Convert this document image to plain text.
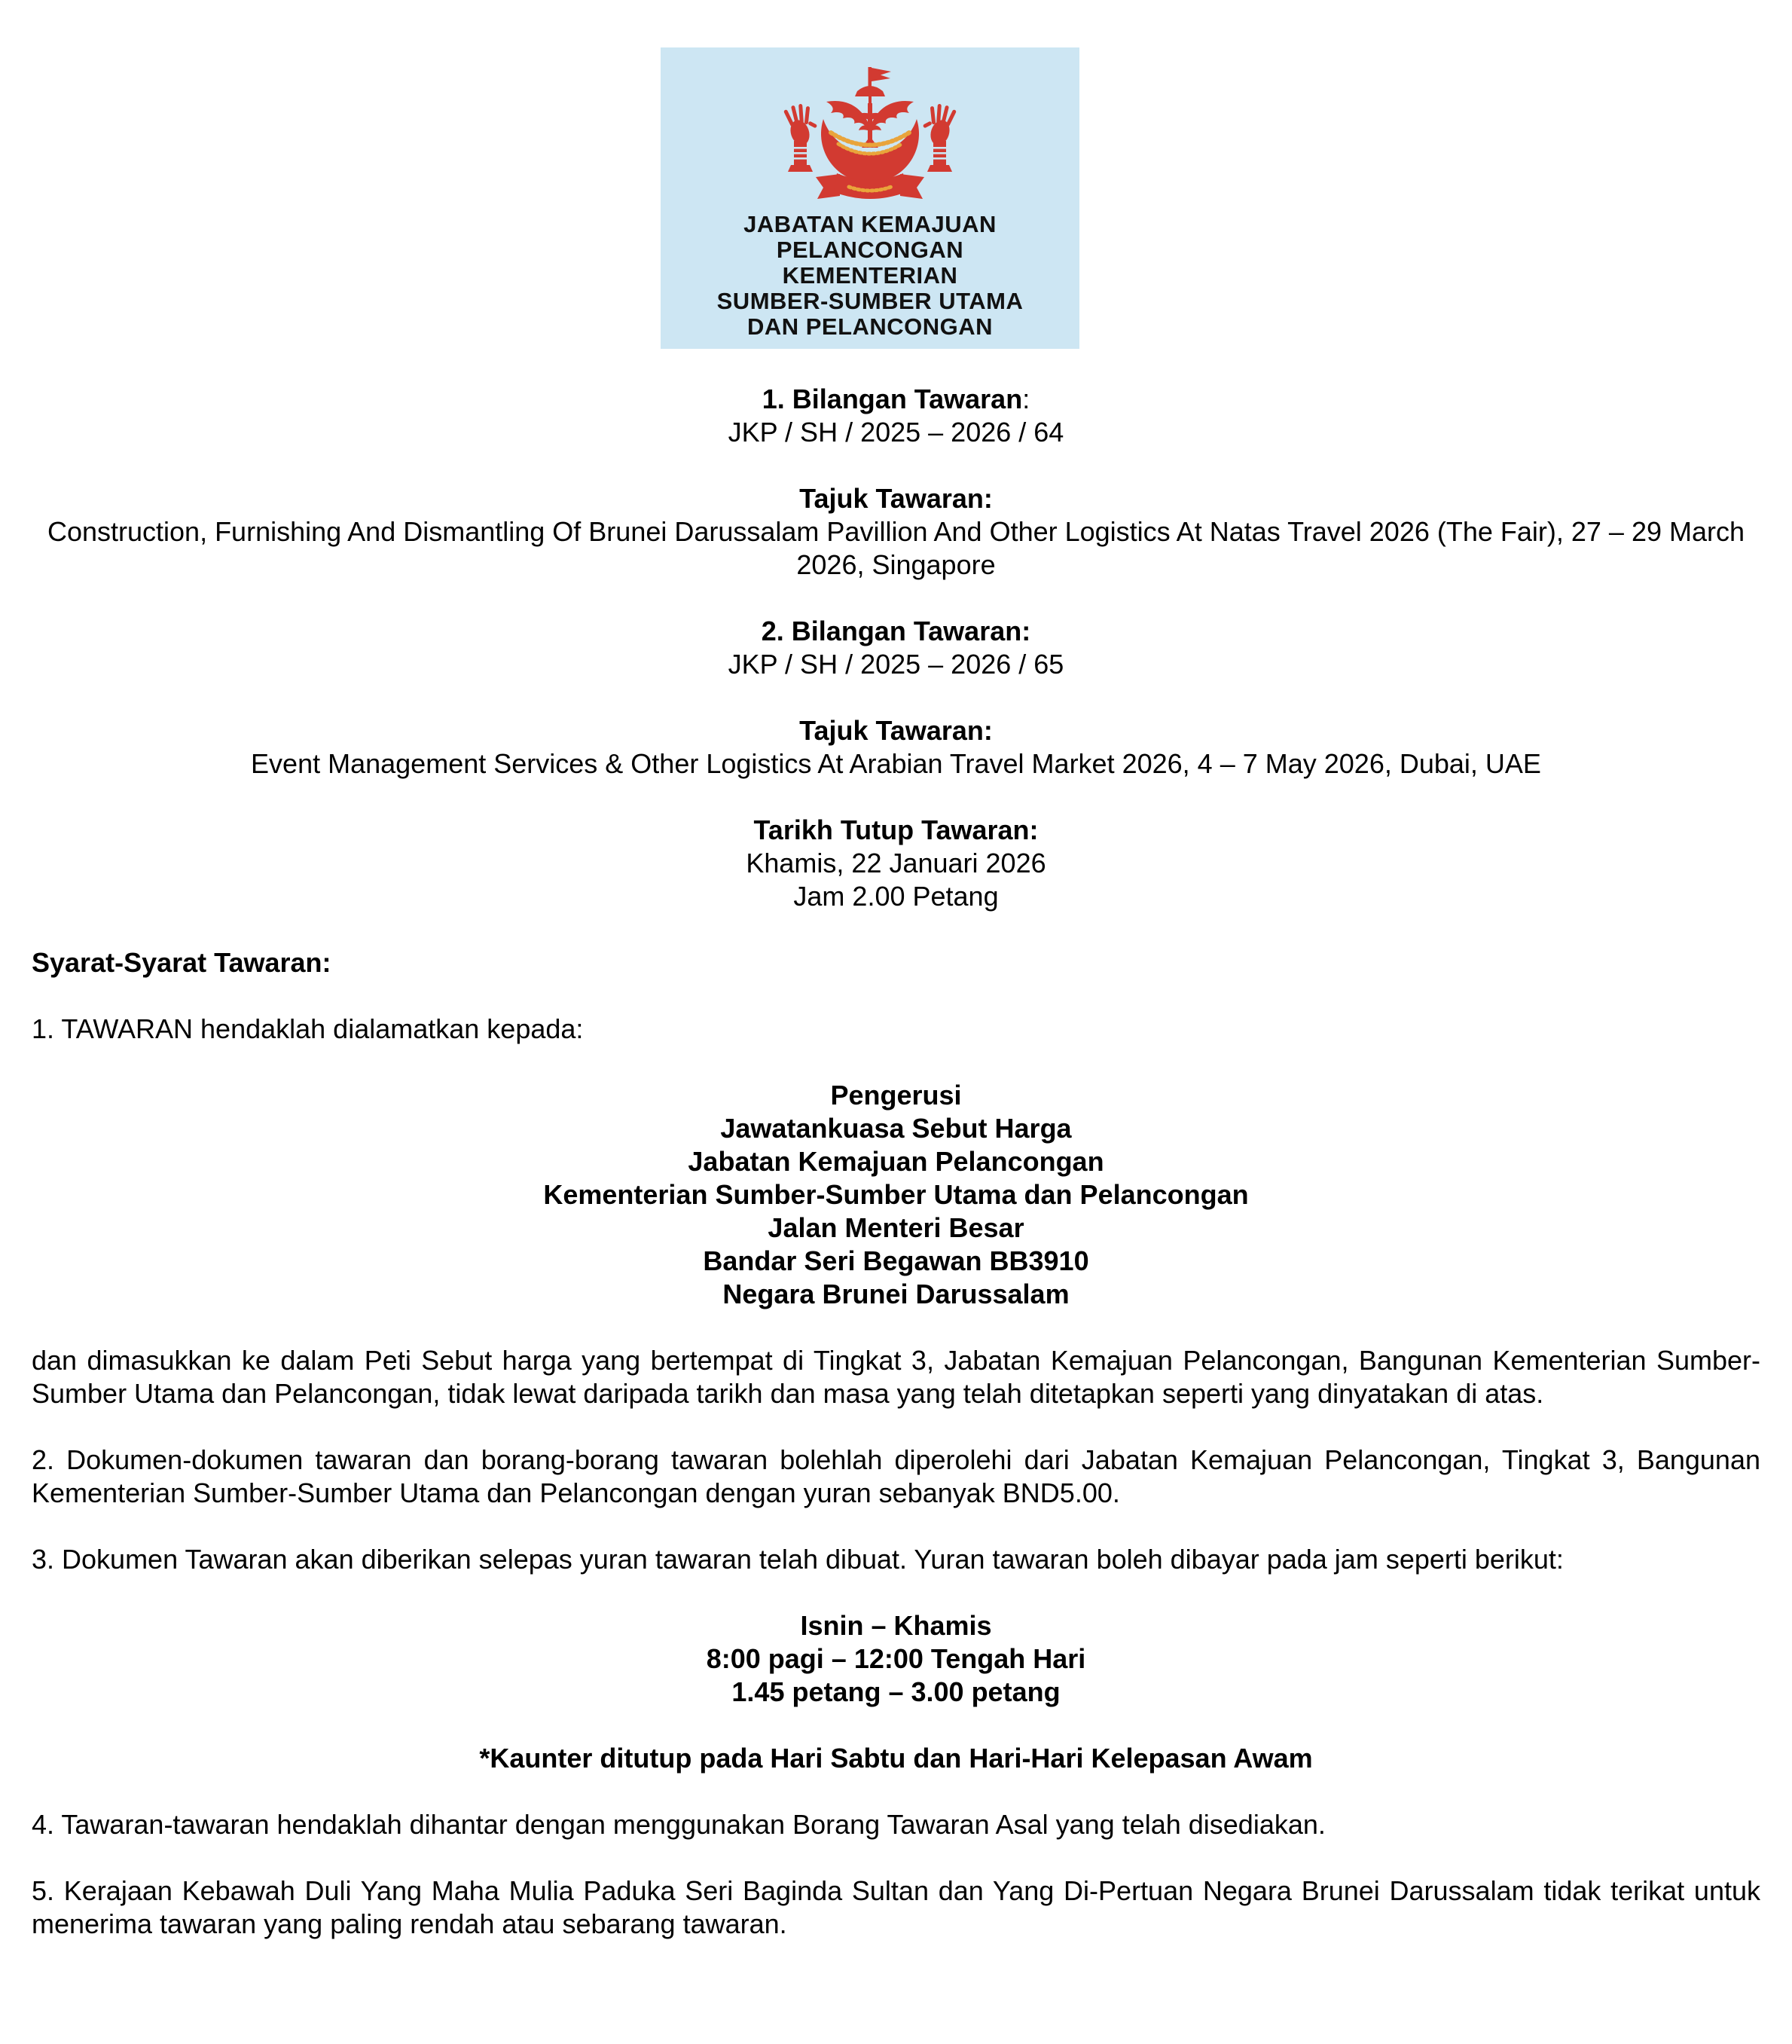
JABATAN KEMAJUAN
PELANCONGAN
KEMENTERIAN
SUMBER-SUMBER UTAMA
DAN PELANCONGAN
1. Bilangan Tawaran:
JKP / SH / 2025 – 2026 / 64
Tajuk Tawaran:
Construction, Furnishing And Dismantling Of Brunei Darussalam Pavillion And Other Logistics At Natas Travel 2026 (The Fair), 27 – 29 March 2026, Singapore
2. Bilangan Tawaran:
JKP / SH / 2025 – 2026 / 65
Tajuk Tawaran:
Event Management Services & Other Logistics At Arabian Travel Market 2026, 4 – 7 May 2026, Dubai, UAE
Tarikh Tutup Tawaran:
Khamis, 22 Januari 2026
Jam 2.00 Petang
Syarat-Syarat Tawaran:
1. TAWARAN hendaklah dialamatkan kepada:
Pengerusi
Jawatankuasa Sebut Harga
Jabatan Kemajuan Pelancongan
Kementerian Sumber-Sumber Utama dan Pelancongan
Jalan Menteri Besar
Bandar Seri Begawan BB3910
Negara Brunei Darussalam
dan dimasukkan ke dalam Peti Sebut harga yang bertempat di Tingkat 3, Jabatan Kemajuan Pelancongan, Bangunan Kementerian Sumber-Sumber Utama dan Pelancongan, tidak lewat daripada tarikh dan masa yang telah ditetapkan seperti yang dinyatakan di atas.
2. Dokumen-dokumen tawaran dan borang-borang tawaran bolehlah diperolehi dari Jabatan Kemajuan Pelancongan, Tingkat 3, Bangunan Kementerian Sumber-Sumber Utama dan Pelancongan dengan yuran sebanyak BND5.00.
3. Dokumen Tawaran akan diberikan selepas yuran tawaran telah dibuat. Yuran tawaran boleh dibayar pada jam seperti berikut:
Isnin – Khamis
8:00 pagi – 12:00 Tengah Hari
1.45 petang – 3.00 petang
*Kaunter ditutup pada Hari Sabtu dan Hari-Hari Kelepasan Awam
4. Tawaran-tawaran hendaklah dihantar dengan menggunakan Borang Tawaran Asal yang telah disediakan.
5. Kerajaan Kebawah Duli Yang Maha Mulia Paduka Seri Baginda Sultan dan Yang Di-Pertuan Negara Brunei Darussalam tidak terikat untuk menerima tawaran yang paling rendah atau sebarang tawaran.
